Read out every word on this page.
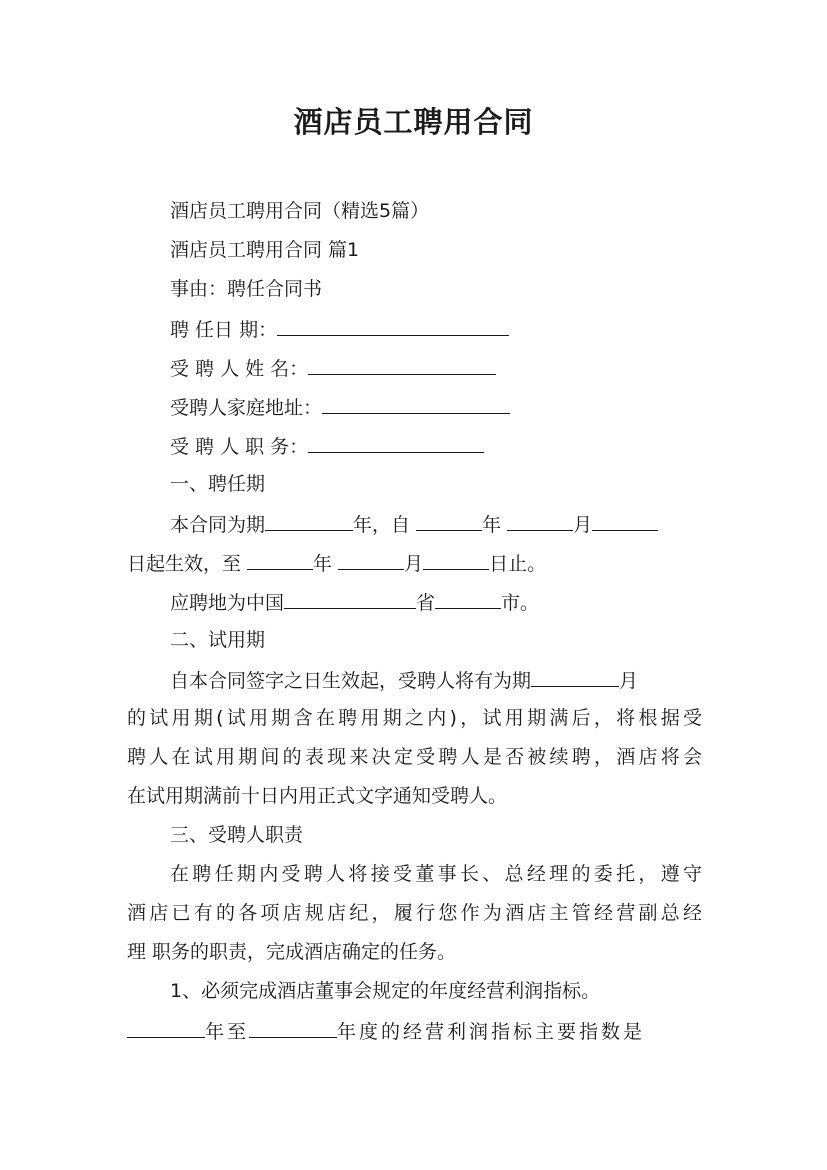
酒店员工聘用合同
酒店员工聘用合同（精选5篇）
酒店员工聘用合同 篇1
事由：聘任合同书
聘 任日 期：
受 聘 人 姓 名：
受聘人家庭地址：
受 聘 人 职 务：
一、聘任期
本合同为期	年，自	年	月
日起生效，至	年	月	日止。
应聘地为中国	省	市。
二、试用期
自本合同签字之日生效起，受聘人将有为期	月
的试用期(试用期含在聘用期之内)，试用期满后，将根据受
聘人在试用期间的表现来决定受聘人是否被续聘，酒店将会
在试用期满前十日内用正式文字通知受聘人。
三、受聘人职责
在聘任期内受聘人将接受董事长、总经理的委托，遵守
酒店已有的各项店规店纪，履行您作为酒店主管经营副总经
理 职务的职责，完成酒店确定的任务。
1、必须完成酒店董事会规定的年度经营利润指标。
年至	年度的经营利润指标主要指数是
